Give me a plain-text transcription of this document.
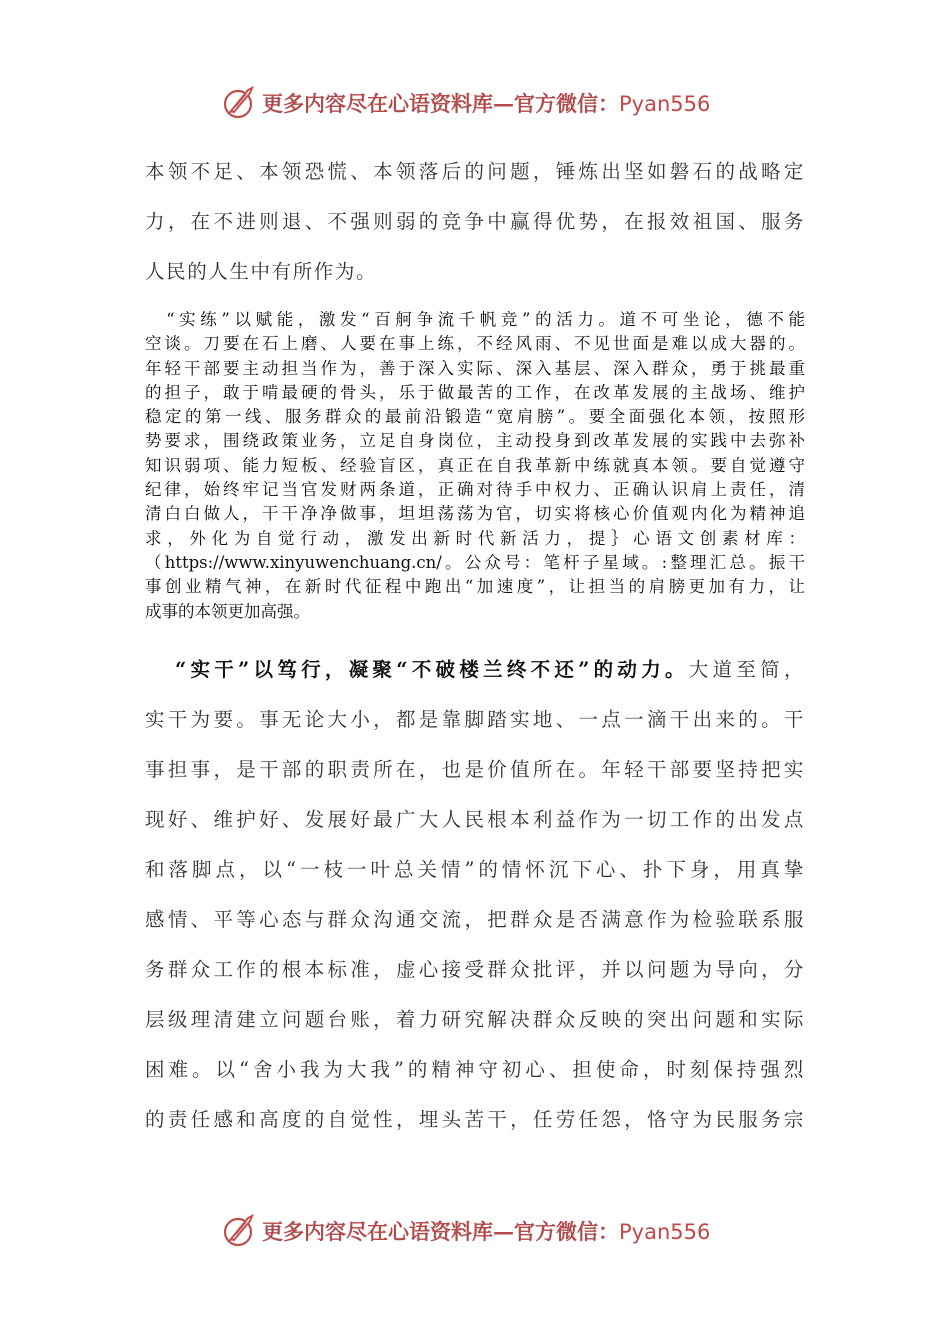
更多内容尽在心语资料库—官方微信：Pyan556
本领不足、本领恐慌、本领落后的问题，锤炼出坚如磐石的战略定
力，在不进则退、不强则弱的竞争中赢得优势，在报效祖国、服务
人民的人生中有所作为。
　“实练”以赋能，激发“百舸争流千帆竞”的活力。道不可坐论，德不能
空谈。刀要在石上磨、人要在事上练，不经风雨、不见世面是难以成大器的。
年轻干部要主动担当作为，善于深入实际、深入基层、深入群众，勇于挑最重
的担子，敢于啃最硬的骨头，乐于做最苦的工作，在改革发展的主战场、维护
稳定的第一线、服务群众的最前沿锻造“宽肩膀”。要全面强化本领，按照形
势要求，围绕政策业务，立足自身岗位，主动投身到改革发展的实践中去弥补
知识弱项、能力短板、经验盲区，真正在自我革新中练就真本领。要自觉遵守
纪律，始终牢记当官发财两条道，正确对待手中权力、正确认识肩上责任，清
清白白做人，干干净净做事，坦坦荡荡为官，切实将核心价值观内化为精神追
求，外化为自觉行动，激发出新时代新活力，提｝心语文创素材库：
（https://www.xinyuwenchuang.cn/。公众号：笔杆子星域。:整理汇总。振干
事创业精气神，在新时代征程中跑出“加速度”，让担当的肩膀更加有力，让
成事的本领更加高强。
“实干”以笃行，凝聚“不破楼兰终不还”的动力。大道至简，
实干为要。事无论大小，都是靠脚踏实地、一点一滴干出来的。干
事担事，是干部的职责所在，也是价值所在。年轻干部要坚持把实
现好、维护好、发展好最广大人民根本利益作为一切工作的出发点
和落脚点，以“一枝一叶总关情”的情怀沉下心、扑下身，用真挚
感情、平等心态与群众沟通交流，把群众是否满意作为检验联系服
务群众工作的根本标准，虚心接受群众批评，并以问题为导向，分
层级理清建立问题台账，着力研究解决群众反映的突出问题和实际
困难。以“舍小我为大我”的精神守初心、担使命，时刻保持强烈
的责任感和高度的自觉性，埋头苦干，任劳任怨，恪守为民服务宗
更多内容尽在心语资料库—官方微信：Pyan556
